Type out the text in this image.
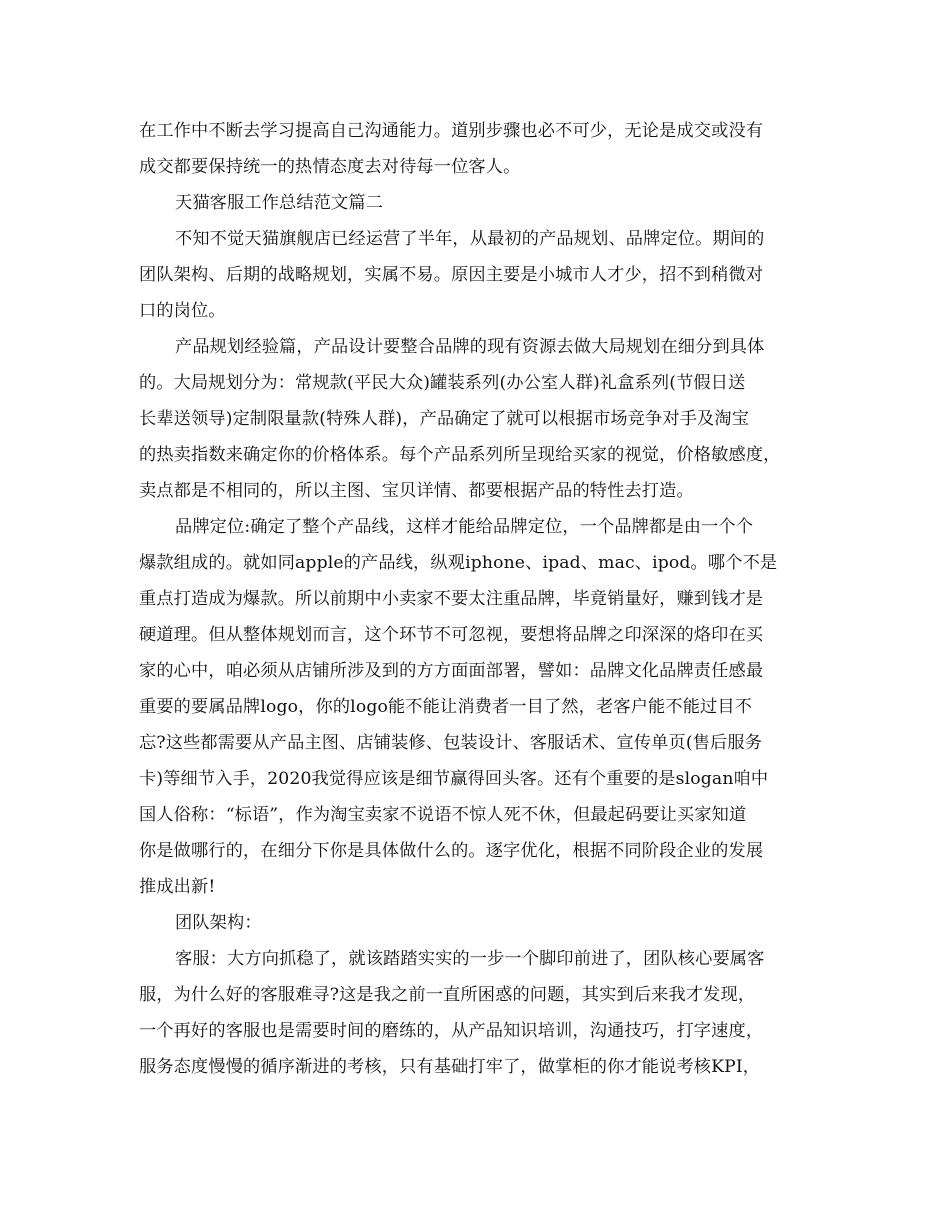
在工作中不断去学习提高自己沟通能力。道别步骤也必不可少，无论是成交或没有
成交都要保持统一的热情态度去对待每一位客人。
天猫客服工作总结范文篇二
不知不觉天猫旗舰店已经运营了半年，从最初的产品规划、品牌定位。期间的
团队架构、后期的战略规划，实属不易。原因主要是小城市人才少，招不到稍微对
口的岗位。
产品规划经验篇，产品设计要整合品牌的现有资源去做大局规划在细分到具体
的。大局规划分为：常规款(平民大众)罐装系列(办公室人群)礼盒系列(节假日送
长辈送领导)定制限量款(特殊人群)，产品确定了就可以根据市场竞争对手及淘宝
的热卖指数来确定你的价格体系。每个产品系列所呈现给买家的视觉，价格敏感度，
卖点都是不相同的，所以主图、宝贝详情、都要根据产品的特性去打造。
品牌定位:确定了整个产品线，这样才能给品牌定位，一个品牌都是由一个个
爆款组成的。就如同apple的产品线，纵观iphone、ipad、mac、ipod。哪个不是
重点打造成为爆款。所以前期中小卖家不要太注重品牌，毕竟销量好，赚到钱才是
硬道理。但从整体规划而言，这个环节不可忽视，要想将品牌之印深深的烙印在买
家的心中，咱必须从店铺所涉及到的方方面面部署，譬如：品牌文化品牌责任感最
重要的要属品牌logo，你的logo能不能让消费者一目了然，老客户能不能过目不
忘?这些都需要从产品主图、店铺装修、包装设计、客服话术、宣传单页(售后服务
卡)等细节入手，2020我觉得应该是细节赢得回头客。还有个重要的是slogan咱中
国人俗称：“标语”，作为淘宝卖家不说语不惊人死不休，但最起码要让买家知道
你是做哪行的，在细分下你是具体做什么的。逐字优化，根据不同阶段企业的发展
推成出新!
团队架构：
客服：大方向抓稳了，就该踏踏实实的一步一个脚印前进了，团队核心要属客
服，为什么好的客服难寻?这是我之前一直所困惑的问题，其实到后来我才发现，
一个再好的客服也是需要时间的磨练的，从产品知识培训，沟通技巧，打字速度，
服务态度慢慢的循序渐进的考核，只有基础打牢了，做掌柜的你才能说考核KPI，
